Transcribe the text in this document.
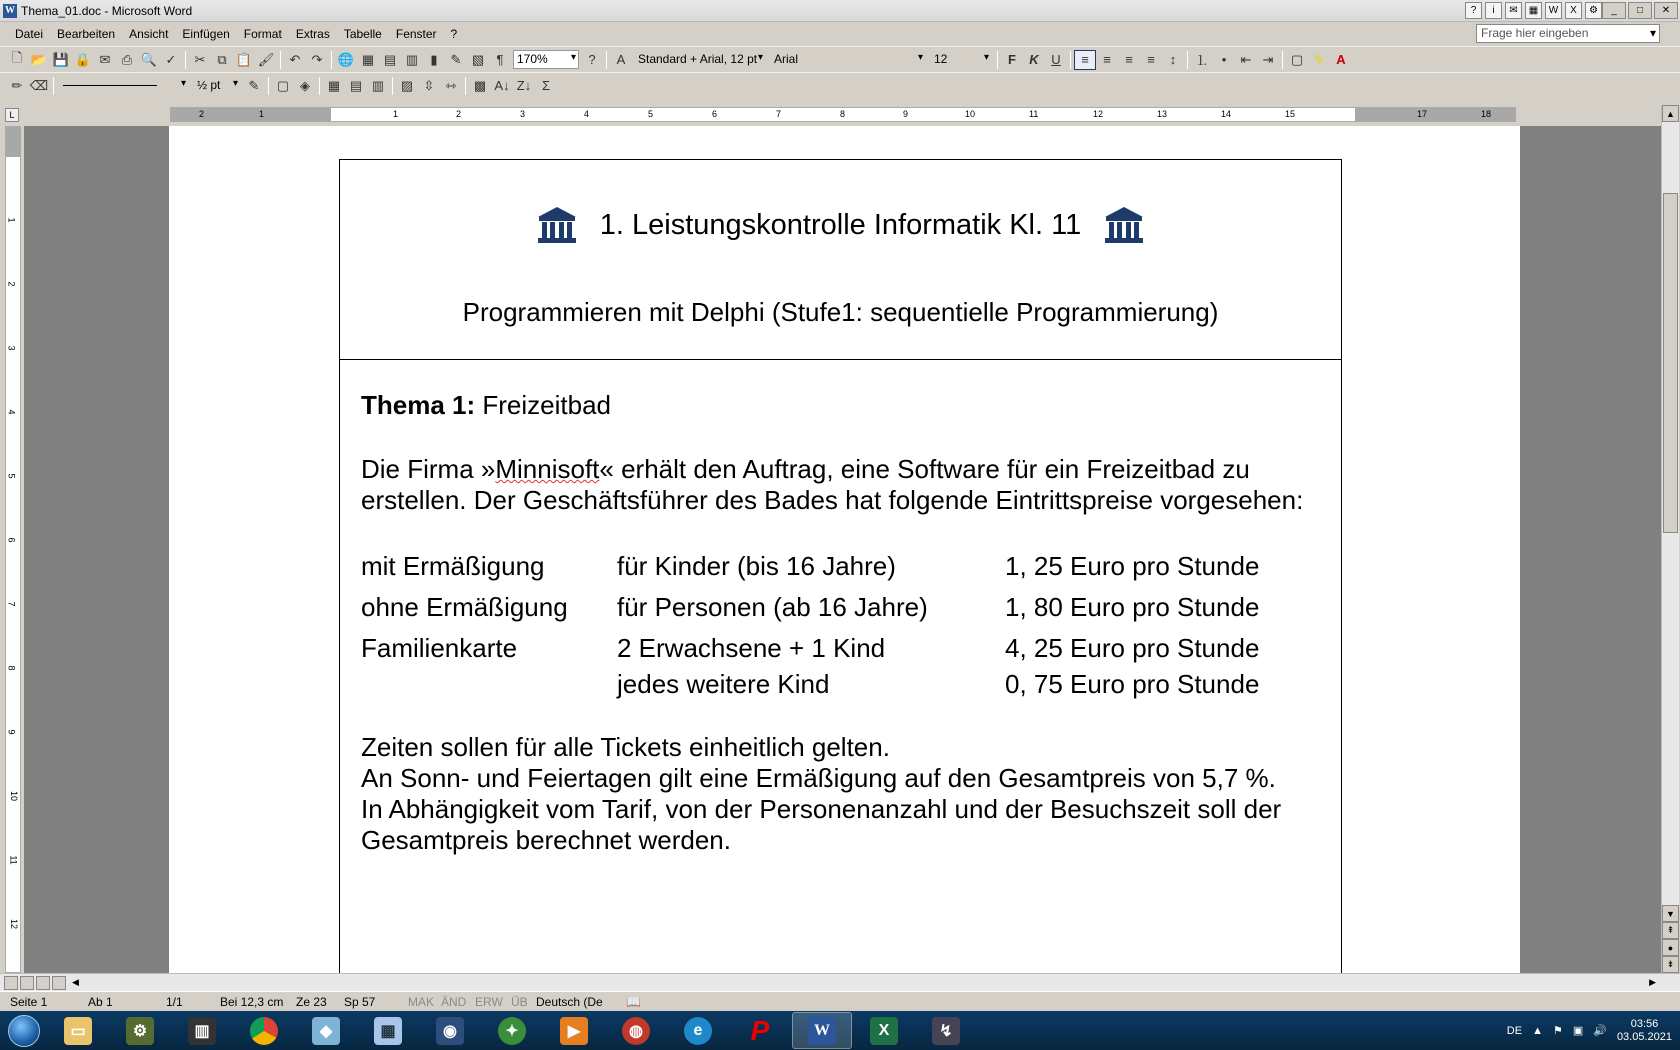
W Thema_01.doc - Microsoft Word	?	i	✉	▦	W	X	⚙	_	□	✕
Datei	Bearbeiten	Ansicht	Einfügen	Format	Extras	Tabelle	Fenster	?	Frage hier eingeben ▾
🗋 📂 💾 🔒 ✉ ⎙ 🔍 ✓	✂ ⧉ 📋 🖌	↶ ↷	🌐 ▦ ▤ ▥ ▮ ✎ ▧ ¶	170% ▾	?	A	Standard + Arial, 12 pt ▾	Arial ▾	12 ▾	F	K U	≡	≡	≡	≡	↕	⒈	•	⇤ ⇥	▢ ✎ A
✏ ⌫
▾	½ pt ▾	✎	▢ ◈	▦ ▤ ▥	▨ ⇳ ⇿	▩ A↓ Z↓ Σ
L	2	1	1	2	3	4	5	6	7	8	9	10	11	12	13	14	15	17	18
1
2
3
4
5
6
7
8
9
10
11
12
1. Leistungskontrolle Informatik Kl. 11
Programmieren mit Delphi (Stufe1: sequentielle Programmierung)
Thema 1: Freizeitbad

Die Firma »Minnisoft« erhält den Auftrag, eine Software für ein Freizeitbad zu erstellen. Der Geschäftsführer des Bades hat folgende Eintrittspreise vorgesehen:

mit Ermäßigung	für Kinder (bis 16 Jahre)	1, 25 Euro pro Stunde
ohne Ermäßigung	für Personen (ab 16 Jahre)	1, 80 Euro pro Stunde
Familienkarte	2 Erwachsene + 1 Kind	4, 25 Euro pro Stunde
jedes weitere Kind	0, 75 Euro pro Stunde

Zeiten sollen für alle Tickets einheitlich gelten.
An Sonn- und Feiertagen gilt eine Ermäßigung auf den Gesamtpreis von 5,7 %.
In Abhängigkeit vom Tarif, von der Personenanzahl und der Besuchszeit soll der Gesamtpreis berechnet werden.

▲
▼
⇞
●
⇟
◀	▶
Seite 1	Ab 1	1/1	Bei 12,3 cm Ze 23 Sp 57	MAK ÄND ERW ÜB Deutsch (De 📖
▭	⚙	▥	◆	▦	◉	✦	▶	◍	e	P	W	X	↯	DE ▲ ⚑ ▣ 🔊
03:56
03.05.2021
